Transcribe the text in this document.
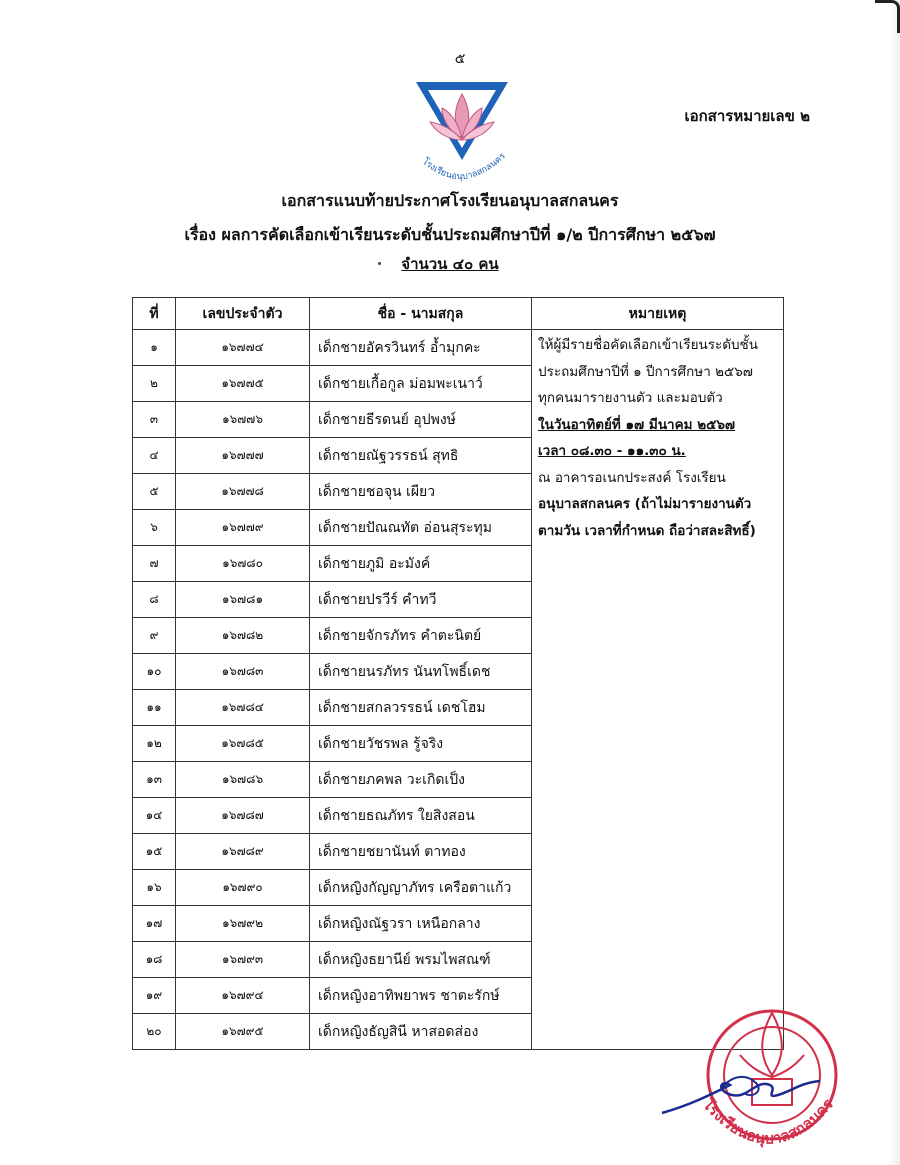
๕
โรงเรียนอนุบาลสกลนคร
เอกสารหมายเลข ๒
เอกสารแนบท้ายประกาศโรงเรียนอนุบาลสกลนคร
เรื่อง ผลการคัดเลือกเข้าเรียนระดับชั้นประถมศึกษาปีที่ ๑/๒ ปีการศึกษา ๒๕๖๗
จำนวน ๔๐ คน
ที่	เลขประจำตัว	ชื่อ - นามสกุล	หมายเหตุ
๑	๑๖๗๗๔	เด็กชายอัครวินทร์ อ้ำมุกคะ	
๒	๑๖๗๗๕	เด็กชายเกื้อกูล ม่อมพะเนาว์	
๓	๑๖๗๗๖	เด็กชายธีรดนย์ อุปพงษ์	
๔	๑๖๗๗๗	เด็กชายณัฐวรรธน์ สุทธิ	
๕	๑๖๗๗๘	เด็กชายชอจุน เผียว	
๖	๑๖๗๗๙	เด็กชายปัณณทัต อ่อนสุระทุม	
๗	๑๖๗๘๐	เด็กชายภูมิ อะมังค์	
๘	๑๖๗๘๑	เด็กชายปรวีร์ คำทวี	
๙	๑๖๗๘๒	เด็กชายจักรภัทร คำตะนิตย์	
๑๐	๑๖๗๘๓	เด็กชายนรภัทร นันทโพธิ์เดช	
๑๑	๑๖๗๘๔	เด็กชายสกลวรรธน์ เดชโฮม	
๑๒	๑๖๗๘๕	เด็กชายวัชรพล รู้จริง	
๑๓	๑๖๗๘๖	เด็กชายภคพล วะเกิดเป็ง	
๑๔	๑๖๗๘๗	เด็กชายธณภัทร ใยสิงสอน	
๑๕	๑๖๗๘๙	เด็กชายชยานันท์ ตาทอง	
๑๖	๑๖๗๙๐	เด็กหญิงกัญญาภัทร เครือตาแก้ว	
๑๗	๑๖๗๙๒	เด็กหญิงณัฐวรา เหนือกลาง	
๑๘	๑๖๗๙๓	เด็กหญิงธยานีย์ พรมไพสณฑ์	
๑๙	๑๖๗๙๔	เด็กหญิงอาทิพยาพร ชาตะรักษ์	
๒๐	๑๖๗๙๕	เด็กหญิงธัญสินี หาสอดส่อง	
ให้ผู้มีรายชื่อคัดเลือกเข้าเรียนระดับชั้น
ประถมศึกษาปีที่ ๑ ปีการศึกษา ๒๕๖๗
ทุกคนมารายงานตัว และมอบตัว
ในวันอาทิตย์ที่ ๑๗ มีนาคม ๒๕๖๗
เวลา ๐๘.๓๐ - ๑๑.๓๐ น.
ณ อาคารอเนกประสงค์ โรงเรียน
อนุบาลสกลนคร (ถ้าไม่มารายงานตัว
ตามวัน เวลาที่กำหนด ถือว่าสละสิทธิ์)
โรงเรียนอนุบาลสกลนคร
